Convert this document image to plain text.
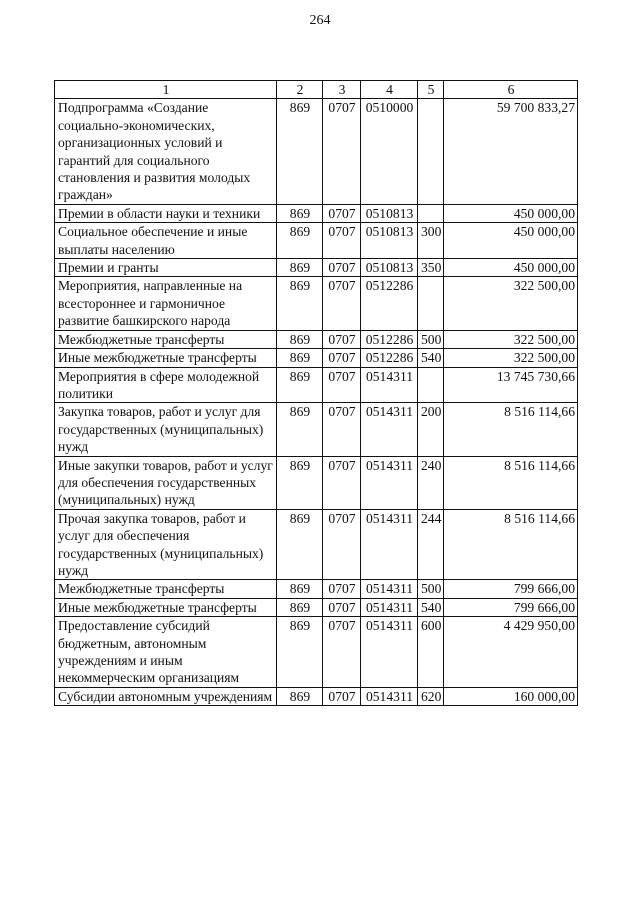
264
1	2	3	4	5	6
Подпрограмма «Создание социально-экономических, организационных условий и гарантий для социального становления и развития молодых граждан»	869	0707	0510000		59 700 833,27
Премии в области науки и техники	869	0707	0510813		450 000,00
Социальное обеспечение и иные выплаты населению	869	0707	0510813	300	450 000,00
Премии и гранты	869	0707	0510813	350	450 000,00
Мероприятия, направленные на всестороннее и гармоничное развитие башкирского народа	869	0707	0512286		322 500,00
Межбюджетные трансферты	869	0707	0512286	500	322 500,00
Иные межбюджетные трансферты	869	0707	0512286	540	322 500,00
Мероприятия в сфере молодежной политики	869	0707	0514311		13 745 730,66
Закупка товаров, работ и услуг для государственных (муниципальных) нужд	869	0707	0514311	200	8 516 114,66
Иные закупки товаров, работ и услуг для обеспечения государственных (муниципальных) нужд	869	0707	0514311	240	8 516 114,66
Прочая закупка товаров, работ и услуг для обеспечения государственных (муниципальных) нужд	869	0707	0514311	244	8 516 114,66
Межбюджетные трансферты	869	0707	0514311	500	799 666,00
Иные межбюджетные трансферты	869	0707	0514311	540	799 666,00
Предоставление субсидий бюджетным, автономным учреждениям и иным некоммерческим организациям	869	0707	0514311	600	4 429 950,00
Субсидии автономным учреждениям	869	0707	0514311	620	160 000,00
